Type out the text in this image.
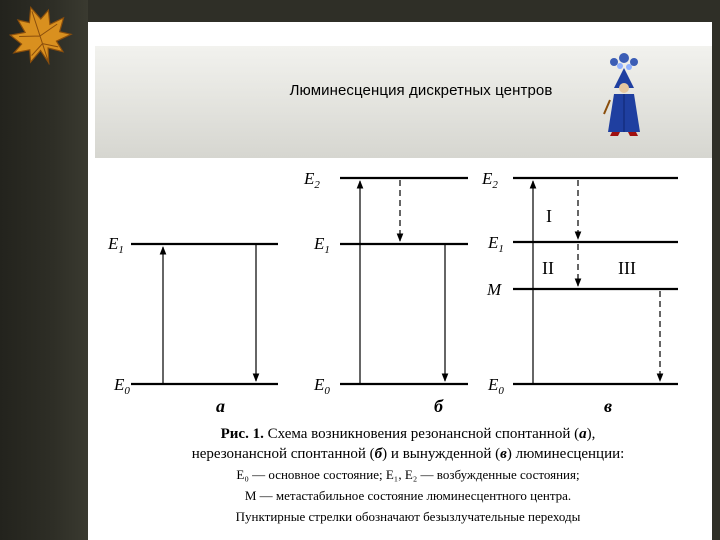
Люминесценция дискретных центров
$E_1$
$E_0$
а
$E_2$
$E_1$
$E_0$
б
$E_2$
$E_1$
M
$E_0$
I
II	III
в
Рис. 1. Схема возникновения резонансной спонтанной (а),
нерезонансной спонтанной (б) и вынужденной (в) люминесценции:
E₀ — основное состояние; E₁, E₂ — возбужденные состояния;
M — метастабильное состояние люминесцентного центра.
Пунктирные стрелки обозначают безызлучательные переходы
